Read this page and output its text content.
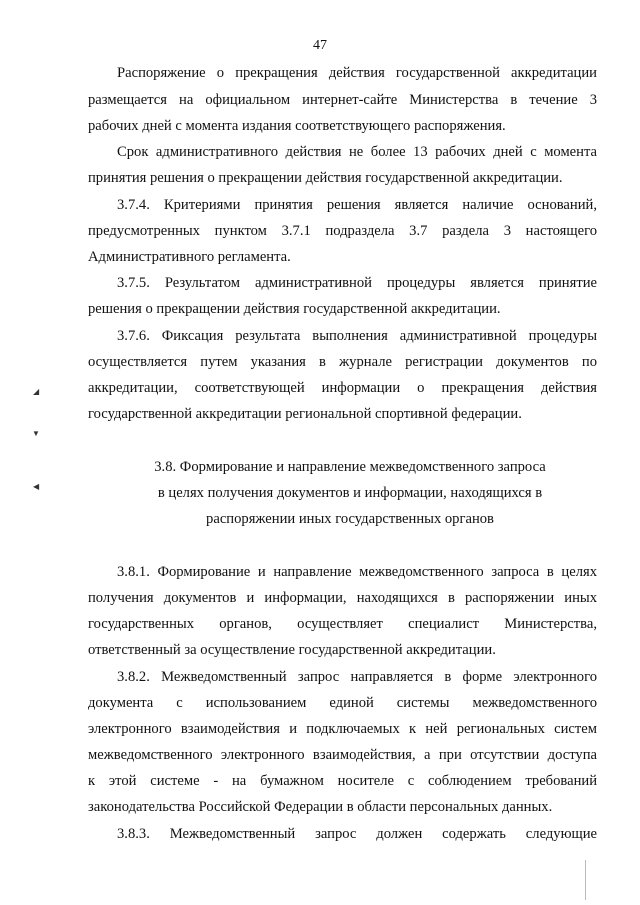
47
Распоряжение о прекращения действия государственной аккредитации
размещается на официальном интернет-сайте Министерства в течение 3
рабочих дней с момента издания соответствующего распоряжения.
Срок административного действия не более 13 рабочих дней с момента
принятия решения о прекращении действия государственной аккредитации.
3.7.4. Критериями принятия решения является наличие оснований,
предусмотренных пунктом 3.7.1 подраздела 3.7 раздела 3 настоящего
Административного регламента.
3.7.5. Результатом административной процедуры является принятие
решения о прекращении действия государственной аккредитации.
3.7.6. Фиксация результата выполнения административной процедуры
осуществляется путем указания в журнале регистрации документов по
аккредитации, соответствующей информации о прекращения действия
государственной аккредитации региональной спортивной федерации.
3.8. Формирование и направление межведомственного запроса
в целях получения документов и информации, находящихся в
распоряжении иных государственных органов
3.8.1. Формирование и направление межведомственного запроса в целях
получения документов и информации, находящихся в распоряжении иных
государственных органов, осуществляет специалист Министерства,
ответственный за осуществление государственной аккредитации.
3.8.2. Межведомственный запрос направляется в форме электронного
документа с использованием единой системы межведомственного
электронного взаимодействия и подключаемых к ней региональных систем
межведомственного электронного взаимодействия, а при отсутствии доступа
к этой системе - на бумажном носителе с соблюдением требований
законодательства Российской Федерации в области персональных данных.
3.8.3. Межведомственный запрос должен содержать следующие
◢
▼
◀
